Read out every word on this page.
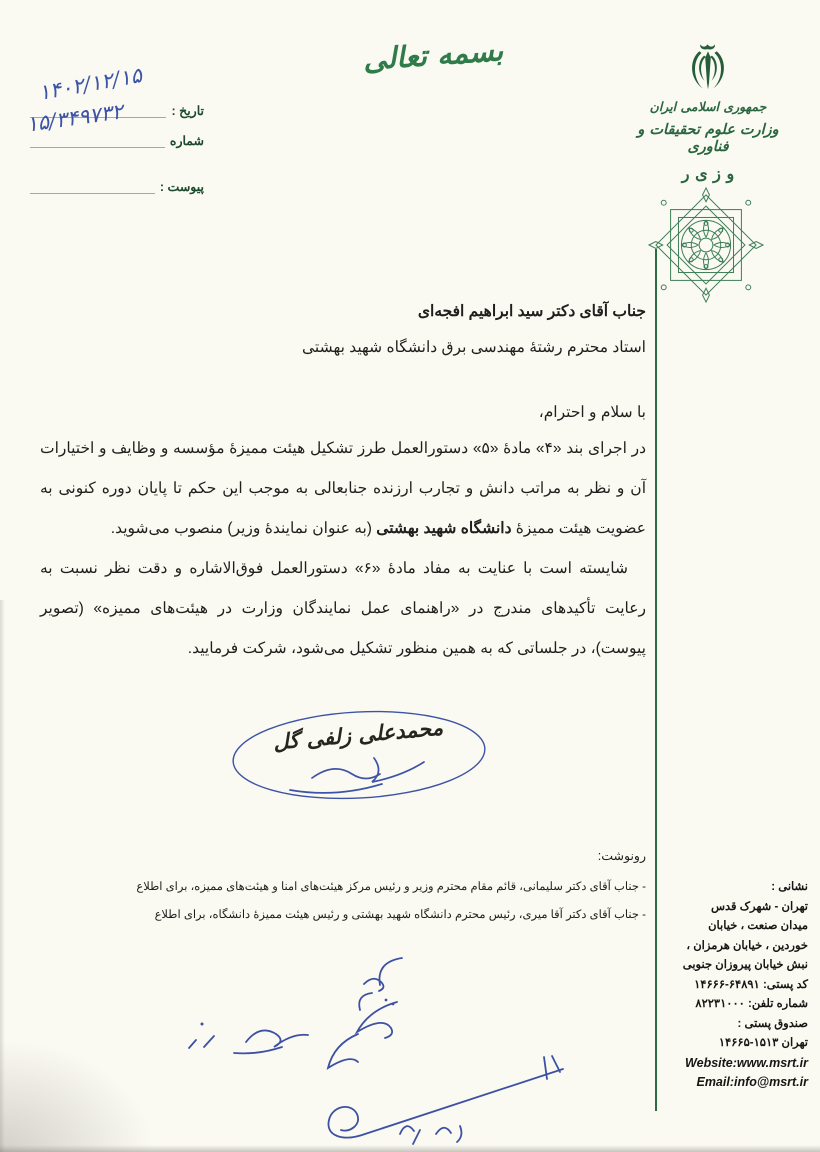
بسمه تعالی
تاریخ :
۱۴۰۲/۱۲/۱۵
شماره
۱۵/۳۴۹۷۳۲
پیوست :
جمهوری اسلامی ایران
وزارت علوم تحقیقات و فناوری
و ز ی ر
جناب آقای دکتر سید ابراهیم افجه‌ای
استاد محترم رشتهٔ مهندسی برق دانشگاه شهید بهشتی
با سلام و احترام،

در اجرای بند «۴» مادهٔ «۵» دستورالعمل طرز تشکیل هیئت ممیزهٔ مؤسسه و وظایف و اختیارات آن و نظر به مراتب دانش و تجارب ارزنده جنابعالی به موجب این حکم تا پایان دوره کنونی به عضویت هیئت ممیزهٔ دانشگاه شهید بهشتی (به عنوان نمایندهٔ وزیر) منصوب می‌شوید.

شایسته است با عنایت به مفاد مادهٔ «۶» دستورالعمل فوق‌الاشاره و دقت نظر نسبت به رعایت تأکیدهای مندرج در «راهنمای عمل نمایندگان وزارت در هیئت‌های ممیزه» (تصویر پیوست)، در جلساتی که به همین منظور تشکیل می‌شود، شرکت فرمایید.

محمدعلی زلفی گل
رونوشت:
- جناب آقای دکتر سلیمانی، قائم مقام محترم وزیر و رئیس مرکز هیئت‌های امنا و هیئت‌های ممیزه، برای اطلاع
- جناب آقای دکتر آقا میری، رئیس محترم دانشگاه شهید بهشتی و رئیس هیئت ممیزهٔ دانشگاه، برای اطلاع
نشانی :
تهران - شهرک قدس
میدان صنعت ، خیابان
خوردین ، خیابان هرمزان ،
نبش خیابان پیروزان جنوبی
کد پستی: ۱۴۶۶۶-۶۴۸۹۱
شماره تلفن: ۸۲۲۳۱۰۰۰
صندوق پستی :
تهران ۱۴۶۶۵-۱۵۱۳
Website:www.msrt.ir
Email:info@msrt.ir
